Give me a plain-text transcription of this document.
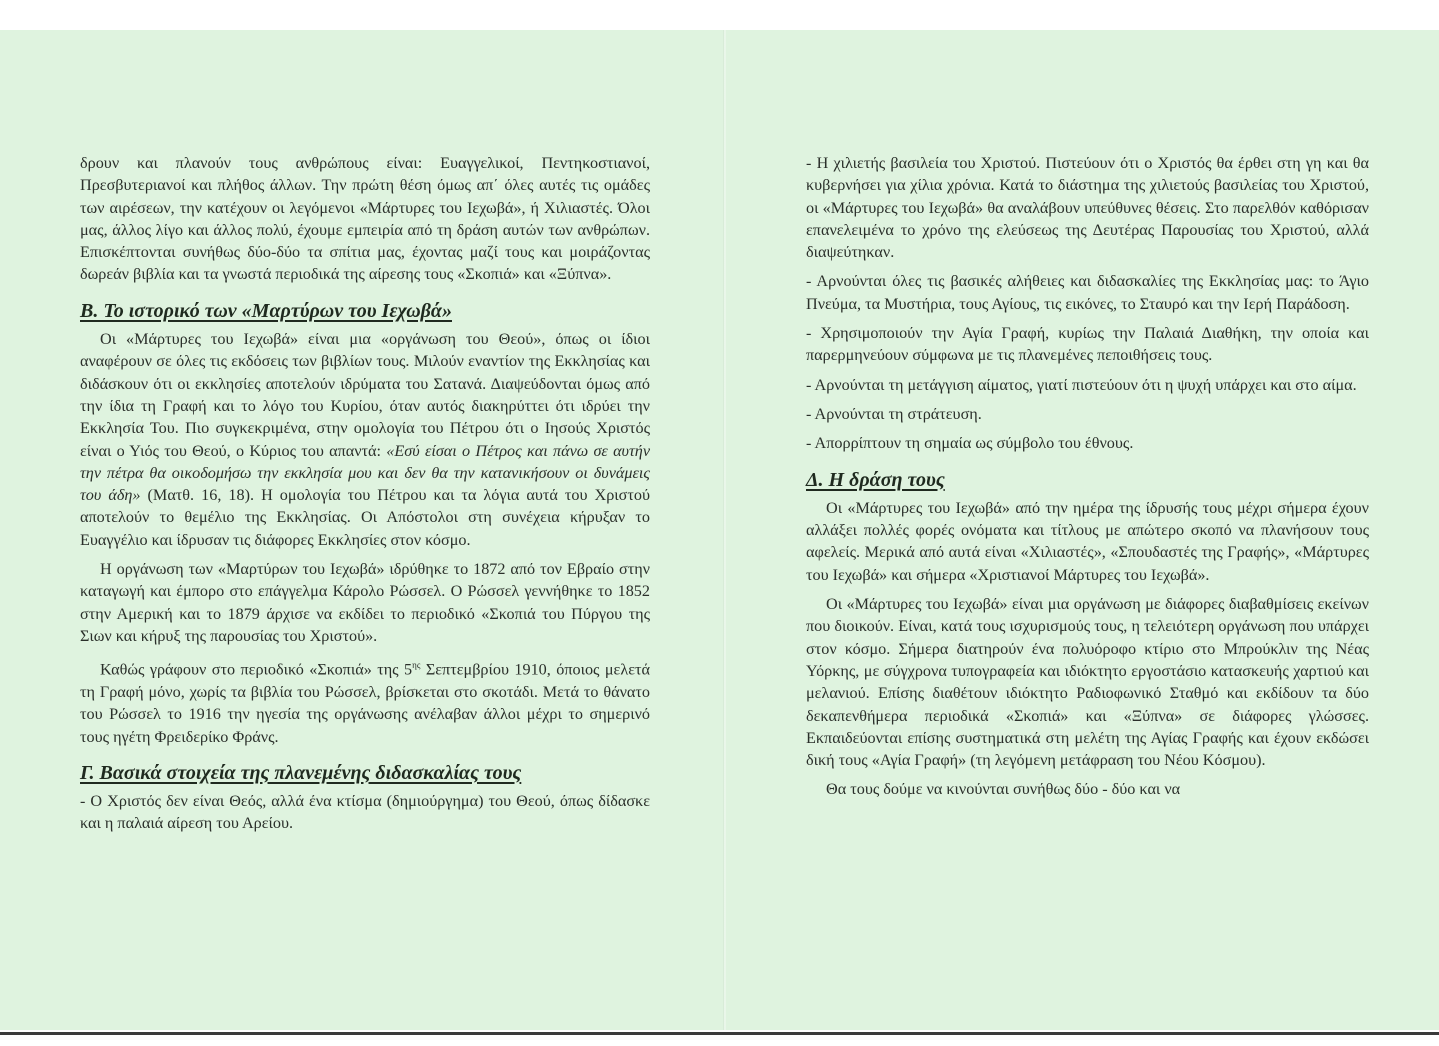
δρουν και πλανούν τους ανθρώπους είναι: Ευαγγελικοί, Πεντηκοστιανοί, Πρεσβυτεριανοί και πλήθος άλλων. Την πρώτη θέση όμως απ΄ όλες αυτές τις ομάδες των αιρέσεων, την κατέχουν οι λεγόμενοι «Μάρτυρες του Ιεχωβά», ή Χιλιαστές. Όλοι μας, άλλος λίγο και άλλος πολύ, έχουμε εμπειρία από τη δράση αυτών των ανθρώπων. Επισκέπτονται συνήθως δύο-δύο τα σπίτια μας, έχοντας μαζί τους και μοιράζοντας δωρεάν βιβλία και τα γνωστά περιοδικά της αίρεσης τους «Σκοπιά» και «Ξύπνα».

Β. Το ιστορικό των «Μαρτύρων του Ιεχωβά»

Οι «Μάρτυρες του Ιεχωβά» είναι μια «οργάνωση του Θεού», όπως οι ίδιοι αναφέρουν σε όλες τις εκδόσεις των βιβλίων τους. Μιλούν εναντίον της Εκκλησίας και διδάσκουν ότι οι εκκλησίες αποτελούν ιδρύματα του Σατανά. Διαψεύδονται όμως από την ίδια τη Γραφή και το λόγο του Κυρίου, όταν αυτός διακηρύττει ότι ιδρύει την Εκκλησία Του. Πιο συγκεκριμένα, στην ομολογία του Πέτρου ότι ο Ιησούς Χριστός είναι ο Υιός του Θεού, ο Κύριος του απαντά: «Εσύ είσαι ο Πέτρος και πάνω σε αυτήν την πέτρα θα οικοδομήσω την εκκλησία μου και δεν θα την κατανικήσουν οι δυνάμεις του άδη» (Ματθ. 16, 18). Η ομολογία του Πέτρου και τα λόγια αυτά του Χριστού αποτελούν το θεμέλιο της Εκκλησίας. Οι Απόστολοι στη συνέχεια κήρυξαν το Ευαγγέλιο και ίδρυσαν τις διάφορες Εκκλησίες στον κόσμο.

Η οργάνωση των «Μαρτύρων του Ιεχωβά» ιδρύθηκε το 1872 από τον Εβραίο στην καταγωγή και έμπορο στο επάγγελμα Κάρολο Ρώσσελ. Ο Ρώσσελ γεννήθηκε το 1852 στην Αμερική και το 1879 άρχισε να εκδίδει το περιοδικό «Σκοπιά του Πύργου της Σιων και κήρυξ της παρουσίας του Χριστού».

Καθώς γράφουν στο περιοδικό «Σκοπιά» της $5^{\eta\varsigma}$ Σεπτεμβρίου 1910, όποιος μελετά τη Γραφή μόνο, χωρίς τα βιβλία του Ρώσσελ, βρίσκεται στο σκοτάδι. Μετά το θάνατο του Ρώσσελ το 1916 την ηγεσία της οργάνωσης ανέλαβαν άλλοι μέχρι το σημερινό τους ηγέτη Φρειδερίκο Φράνς.

Γ. Βασικά στοιχεία της πλανεμένης διδασκαλίας τους

- Ο Χριστός δεν είναι Θεός, αλλά ένα κτίσμα (δημιούργημα) του Θεού, όπως δίδασκε και η παλαιά αίρεση του Αρείου.

- Η χιλιετής βασιλεία του Χριστού. Πιστεύουν ότι ο Χριστός θα έρθει στη γη και θα κυβερνήσει για χίλια χρόνια. Κατά το διάστημα της χιλιετούς βασιλείας του Χριστού, οι «Μάρτυρες του Ιεχωβά» θα αναλάβουν υπεύθυνες θέσεις. Στο παρελθόν καθόρισαν επανελειμένα το χρόνο της ελεύσεως της Δευτέρας Παρουσίας του Χριστού, αλλά διαψεύτηκαν.

- Αρνούνται όλες τις βασικές αλήθειες και διδασκαλίες της Εκκλησίας μας: το Άγιο Πνεύμα, τα Μυστήρια, τους Αγίους, τις εικόνες, το Σταυρό και την Ιερή Παράδοση.

- Χρησιμοποιούν την Αγία Γραφή, κυρίως την Παλαιά Διαθήκη, την οποία και παρερμηνεύουν σύμφωνα με τις πλανεμένες πεποιθήσεις τους.

- Αρνούνται τη μετάγγιση αίματος, γιατί πιστεύουν ότι η ψυχή υπάρχει και στο αίμα.

- Αρνούνται τη στράτευση.

- Απορρίπτουν τη σημαία ως σύμβολο του έθνους.

Δ. Η δράση τους

Οι «Μάρτυρες του Ιεχωβά» από την ημέρα της ίδρυσής τους μέχρι σήμερα έχουν αλλάξει πολλές φορές ονόματα και τίτλους με απώτερο σκοπό να πλανήσουν τους αφελείς. Μερικά από αυτά είναι «Χιλιαστές», «Σπουδαστές της Γραφής», «Μάρτυρες του Ιεχωβά» και σήμερα «Χριστιανοί Μάρτυρες του Ιεχωβά».

Οι «Μάρτυρες του Ιεχωβά» είναι μια οργάνωση με διάφορες διαβαθμίσεις εκείνων που διοικούν. Είναι, κατά τους ισχυρισμούς τους, η τελειότερη οργάνωση που υπάρχει στον κόσμο. Σήμερα διατηρούν ένα πολυόροφο κτίριο στο Μπρούκλιν της Νέας Υόρκης, με σύγχρονα τυπογραφεία και ιδιόκτητο εργοστάσιο κατασκευής χαρτιού και μελανιού. Επίσης διαθέτουν ιδιόκτητο Ραδιοφωνικό Σταθμό και εκδίδουν τα δύο δεκαπενθήμερα περιοδικά «Σκοπιά» και «Ξύπνα» σε διάφορες γλώσσες. Εκπαιδεύονται επίσης συστηματικά στη μελέτη της Αγίας Γραφής και έχουν εκδώσει δική τους «Αγία Γραφή» (τη λεγόμενη μετάφραση του Νέου Κόσμου).

Θα τους δούμε να κινούνται συνήθως δύο - δύο και να
